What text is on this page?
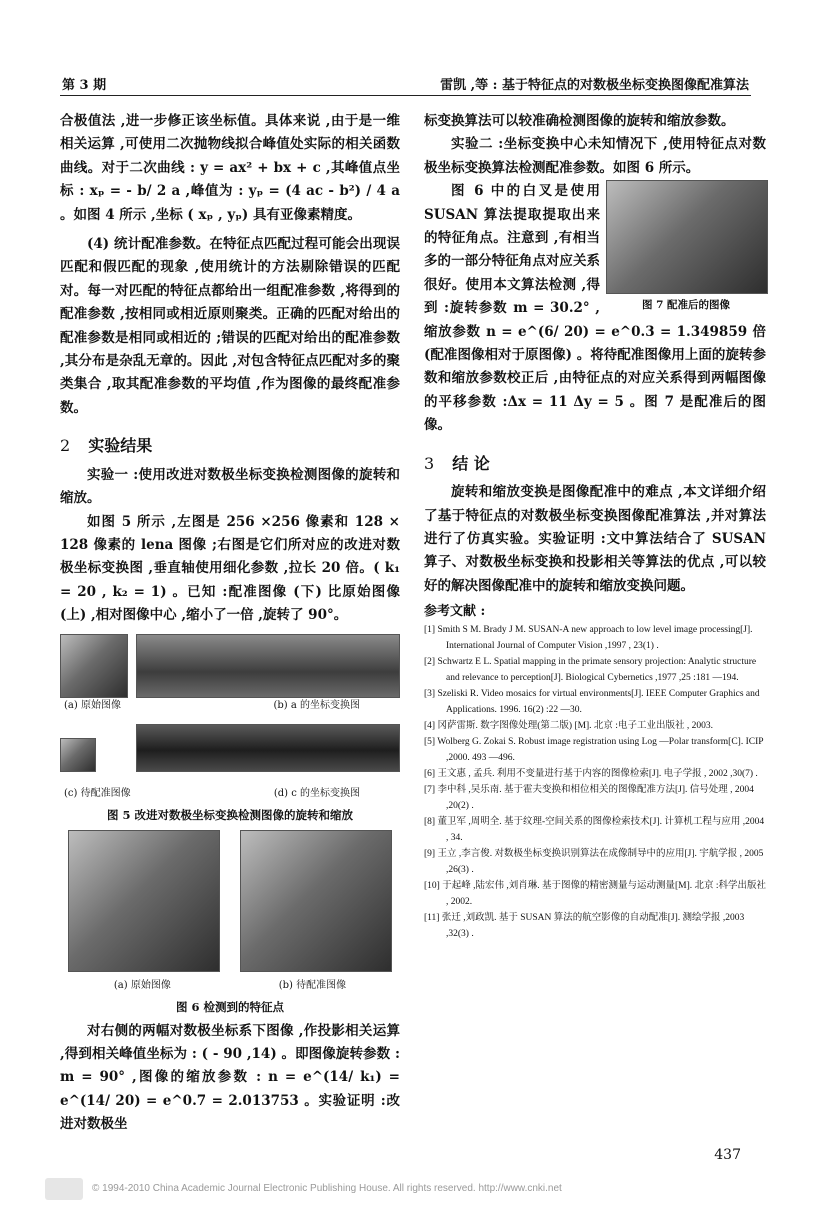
第 3 期	雷凯 ,等 : 基于特征点的对数极坐标变换图像配准算法

合极值法 ,进一步修正该坐标值。具体来说 ,由于是一维相关运算 ,可使用二次抛物线拟合峰值处实际的相关函数曲线。对于二次曲线 : y = ax² + bx + c ,其峰值点坐标 : xₚ = - b/ 2 a ,峰值为 : yₚ = (4 ac - b²) / 4 a 。如图 4 所示 ,坐标 ( xₚ , yₚ) 具有亚像素精度。

(4) 统计配准参数。在特征点匹配过程可能会出现误匹配和假匹配的现象 ,使用统计的方法剔除错误的匹配对。每一对匹配的特征点都给出一组配准参数 ,将得到的配准参数 ,按相同或相近原则聚类。正确的匹配对给出的配准参数是相同或相近的 ;错误的匹配对给出的配准参数 ,其分布是杂乱无章的。因此 ,对包含特征点匹配对多的聚类集合 ,取其配准参数的平均值 ,作为图像的最终配准参数。

2 实验结果

实验一 :使用改进对数极坐标变换检测图像的旋转和缩放。

如图 5 所示 ,左图是 256 ×256 像素和 128 × 128 像素的 lena 图像 ;右图是它们所对应的改进对数极坐标变换图 ,垂直轴使用细化参数 ,拉长 20 倍。( k₁ = 20 , k₂ = 1) 。已知 :配准图像 (下) 比原始图像 (上) ,相对图像中心 ,缩小了一倍 ,旋转了 90°。

(a) 原始图像	(b) a 的坐标变换图
(c) 待配准图像	(d) c 的坐标变换图
图 5 改进对数极坐标变换检测图像的旋转和缩放
(a) 原始图像	(b) 待配准图像
图 6 检测到的特征点

对右侧的两幅对数极坐标系下图像 ,作投影相关运算 ,得到相关峰值坐标为 : ( - 90 ,14) 。即图像旋转参数 : m = 90° ,图像的缩放参数 : n = e^(14/ k₁) = e^(14/ 20) = e^0.7 = 2.013753 。实验证明 :改进对数极坐

标变换算法可以较准确检测图像的旋转和缩放参数。

实验二 :坐标变换中心未知情况下 ,使用特征点对数极坐标变换算法检测配准参数。如图 6 所示。

图 7 配准后的图像

图 6 中的白叉是使用 SUSAN 算法提取提取出来的特征角点。注意到 ,有相当多的一部分特征角点对应关系很好。使用本文算法检测 ,得到 :旋转参数 m = 30.2° ,缩放参数 n = e^(6/ 20) = e^0.3 = 1.349859 倍 (配准图像相对于原图像) 。将待配准图像用上面的旋转参数和缩放参数校正后 ,由特征点的对应关系得到两幅图像的平移参数 :Δx = 11 Δy = 5 。图 7 是配准后的图像。

3 结 论

旋转和缩放变换是图像配准中的难点 ,本文详细介绍了基于特征点的对数极坐标变换图像配准算法 ,并对算法进行了仿真实验。实验证明 :文中算法结合了 SUSAN 算子、对数极坐标变换和投影相关等算法的优点 ,可以较好的解决图像配准中的旋转和缩放变换问题。

参考文献 :
[1] Smith S M. Brady J M. SUSAN-A new approach to low level image processing[J]. International Journal of Computer Vision ,1997 , 23(1) .
[2] Schwartz E L. Spatial mapping in the primate sensory projection: Analytic structure and relevance to perception[J]. Biological Cybernetics ,1977 ,25 :181 —194.
[3] Szeliski R. Video mosaics for virtual environments[J]. IEEE Computer Graphics and Applications. 1996. 16(2) :22 —30.
[4] 冈萨雷斯. 数字图像处理(第二版) [M]. 北京 :电子工业出版社 , 2003.
[5] Wolberg G. Zokai S. Robust image registration using Log —Polar transform[C]. ICIP ,2000. 493 —496.
[6] 王文惠 , 孟兵. 利用不变量进行基于内容的图像检索[J]. 电子学报 , 2002 ,30(7) .
[7] 李中科 ,吴乐南. 基于霍夫变换和相位相关的图像配准方法[J]. 信号处理 , 2004 ,20(2) .
[8] 董卫军 ,周明全. 基于纹理-空间关系的图像检索技术[J]. 计算机工程与应用 ,2004 , 34.
[9] 王立 ,李言俊. 对数极坐标变换识别算法在成像制导中的应用[J]. 宇航学报 , 2005 ,26(3) .
[10] 于起峰 ,陆宏伟 ,刘肖琳. 基于图像的精密测量与运动测量[M]. 北京 :科学出版社 , 2002.
[11] 张迁 ,刘政凯. 基于 SUSAN 算法的航空影像的自动配准[J]. 测绘学报 ,2003 ,32(3) .
437
© 1994-2010 China Academic Journal Electronic Publishing House. All rights reserved. http://www.cnki.net
